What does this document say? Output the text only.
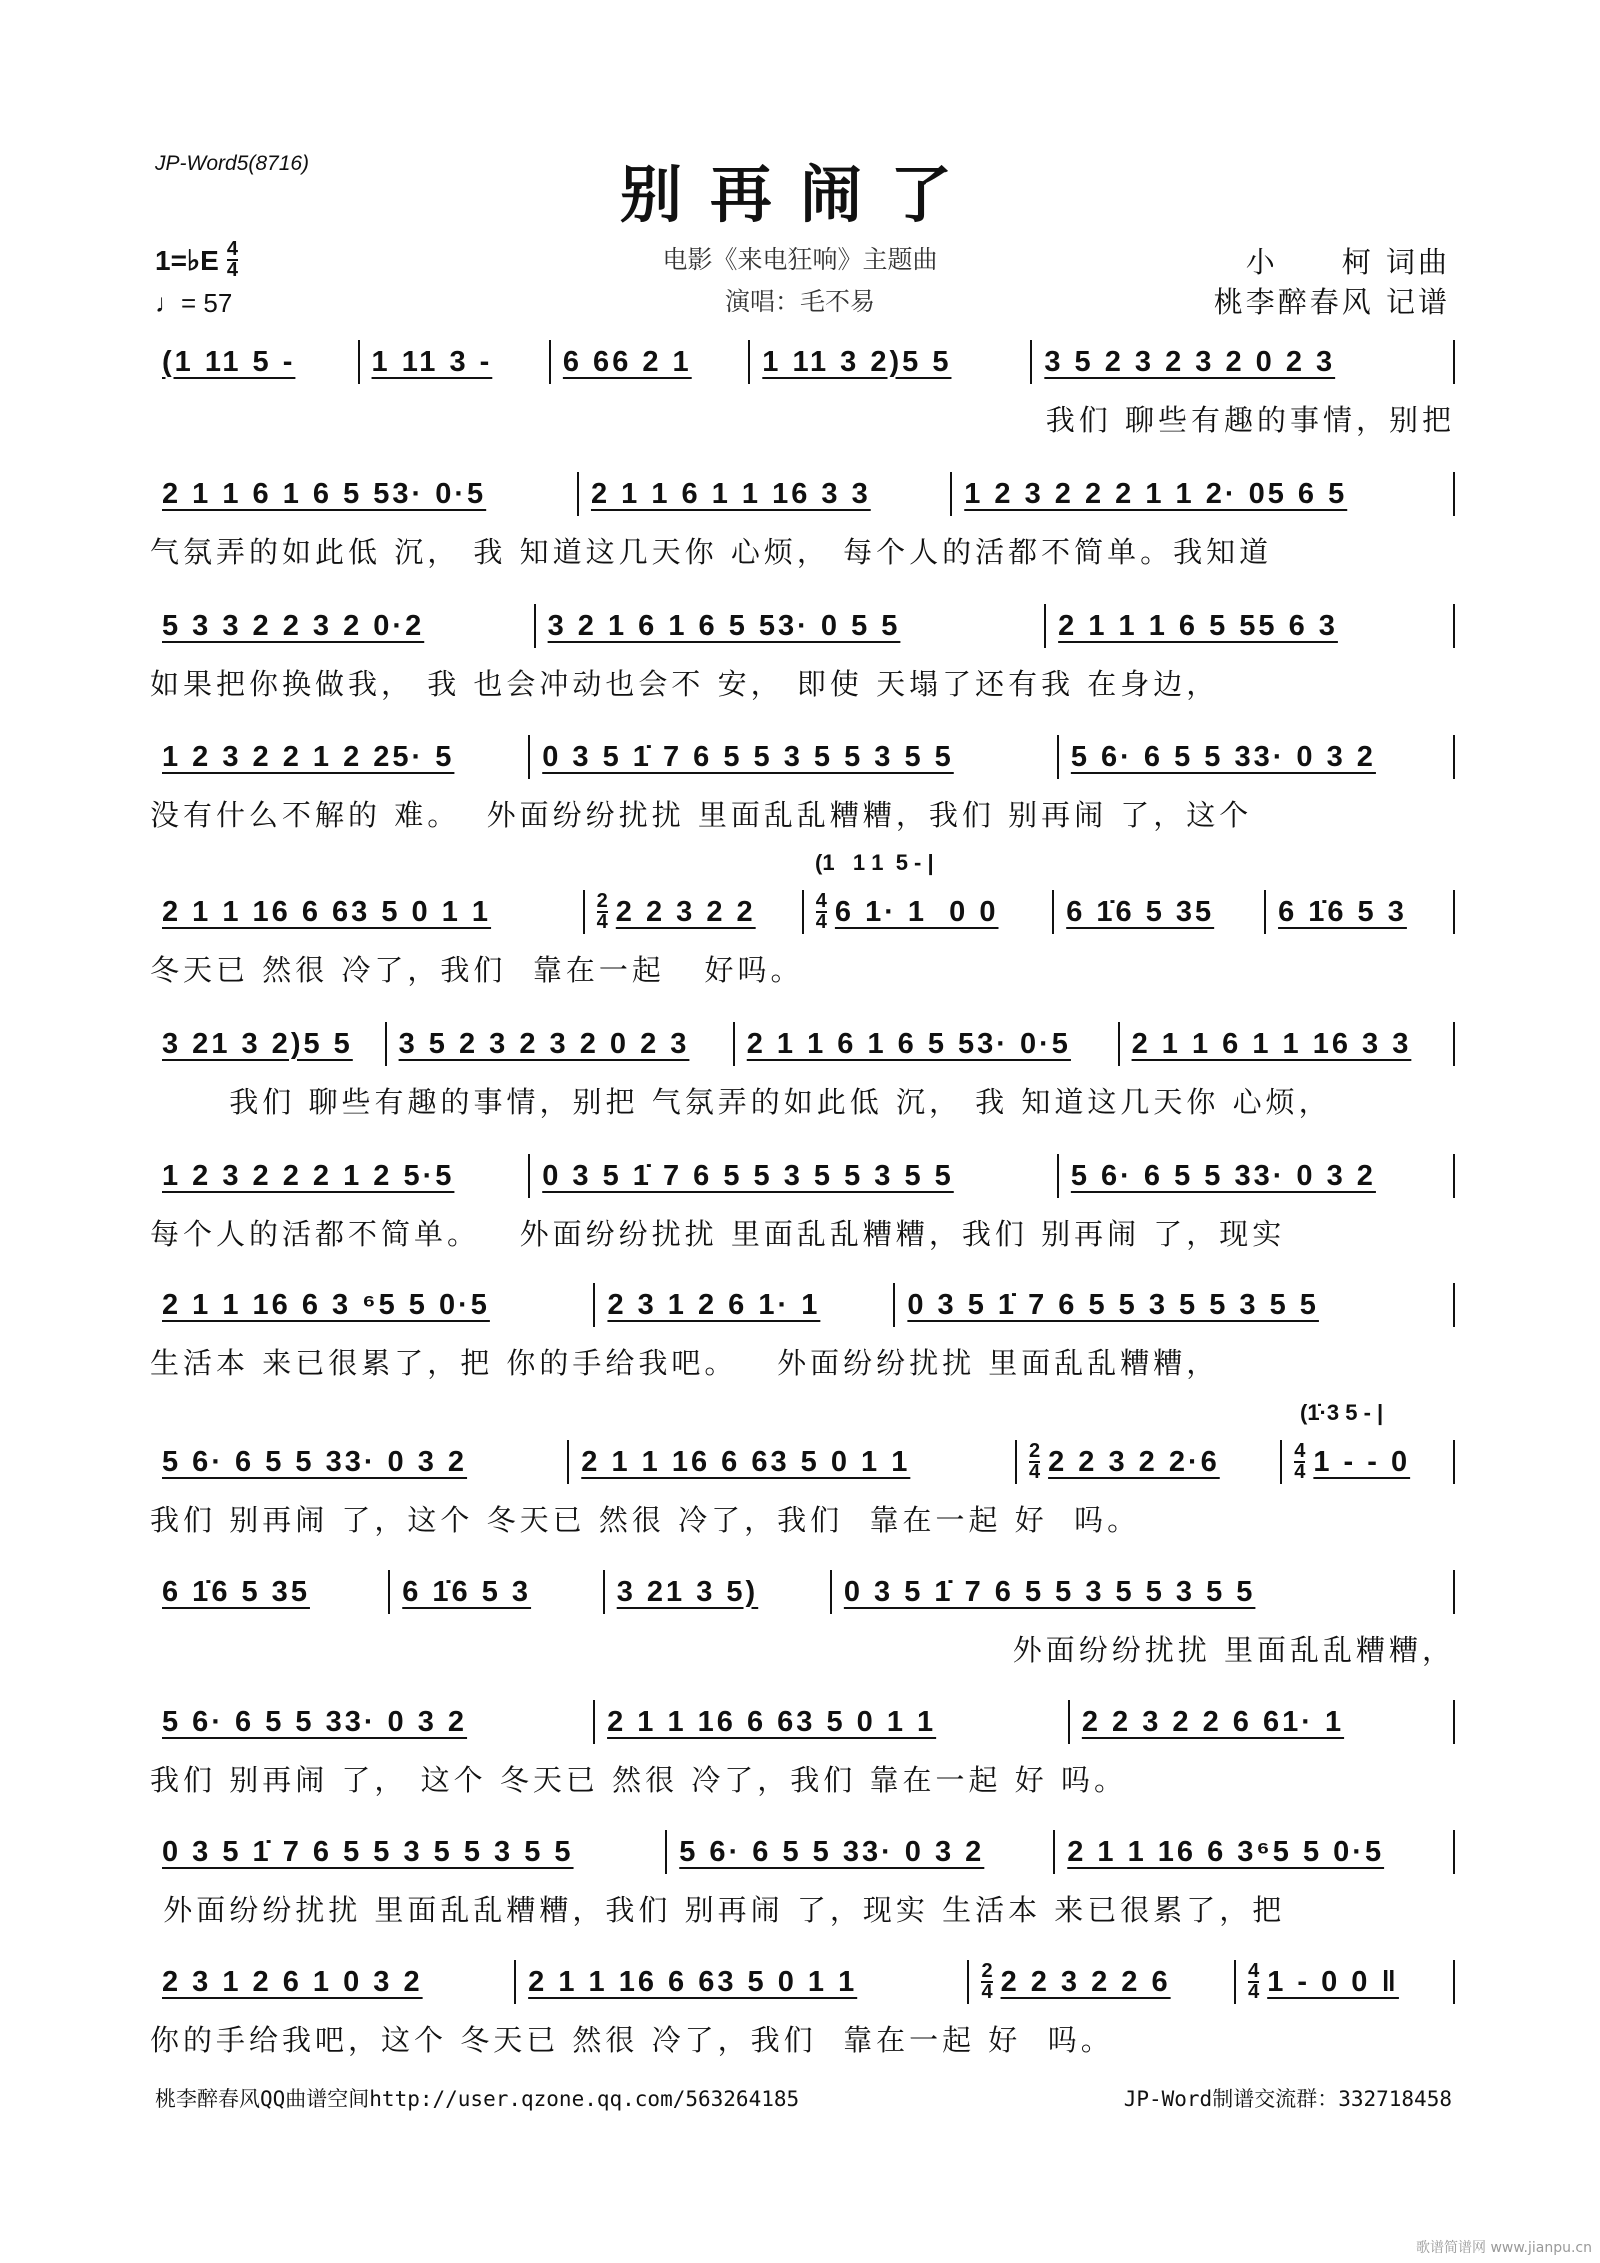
JP-Word5(8716)	别再闹了
1=♭E $\frac{4}{4}$
♩= 57
电影《来电狂响》主题曲
演唱：毛不易
小　　柯 词曲
桃李醉春风 记谱
(1 11 5 -	1 11 3 -	6 66 2 1	1 11 3 2)5 5	3 5 2 3 2 3 2 0 2 3
我们 聊些有趣的事情，别把
2 1 1 6 1 6 5 53· 0·5	2 1 1 6 1 1 16 3 3	1 2 3 2 2 2 1 1 2· 05 6 5
气氛弄的如此低 沉， 我 知道这几天你 心烦， 每个人的活都不简单。我知道
5 3 3 2 2 3 2 0·2	3 2 1 6 1 6 5 53· 0 5 5	2 1 1 1 6 5 55 6 3
如果把你换做我， 我 也会冲动也会不 安， 即使 天塌了还有我 在身边，
1 2 3 2 2 1 2 25· 5	0 3 5 1̇ 7 6 5 5 3 5 5 3 5 5	5 6· 6 5 5 33· 0 3 2
没有什么不解的 难。  外面纷纷扰扰 里面乱乱糟糟，我们 别再闹 了，这个
(1   1 1  5 - |
2 1 1 16 6 63 5 0 1 1	$\frac{2}{4} 2$ 2 3 2 2	$\frac{4}{4} 6$ 1· 1  0 0	6 1̇6 5 35	6 1̇6 5 3
冬天已 然很 冷了，我们  靠在一起   好吗。
3 21 3 2)5 5	3 5 2 3 2 3 2 0 2 3	2 1 1 6 1 6 5 53· 0·5	2 1 1 6 1 1 16 3 3
我们 聊些有趣的事情，别把 气氛弄的如此低 沉， 我 知道这几天你 心烦，
1 2 3 2 2 2 1 2 5·5	0 3 5 1̇ 7 6 5 5 3 5 5 3 5 5	5 6· 6 5 5 33· 0 3 2
每个人的活都不简单。   外面纷纷扰扰 里面乱乱糟糟，我们 别再闹 了，现实
2 1 1 16 6 3 ⁶5 5 0·5	2 3 1 2 6 1· 1	0 3 5 1̇ 7 6 5 5 3 5 5 3 5 5
生活本 来已很累了，把 你的手给我吧。   外面纷纷扰扰 里面乱乱糟糟，
(1̇·3 5 - |
5 6· 6 5 5 33· 0 3 2	2 1 1 16 6 63 5 0 1 1	$\frac{2}{4} 2$ 2 3 2 2·6	$\frac{4}{4} 1$ - - 0
我们 别再闹 了，这个 冬天已 然很 冷了，我们  靠在一起 好  吗。
6 1̇6 5 35	6 1̇6 5 3	3 21 3 5)	0 3 5 1̇ 7 6 5 5 3 5 5 3 5 5
外面纷纷扰扰 里面乱乱糟糟，
5 6· 6 5 5 33· 0 3 2	2 1 1 16 6 63 5 0 1 1	2 2 3 2 2 6 61· 1
我们 别再闹 了， 这个 冬天已 然很 冷了，我们 靠在一起 好 吗。
0 3 5 1̇ 7 6 5 5 3 5 5 3 5 5	5 6· 6 5 5 33· 0 3 2	2 1 1 16 6 3⁶5 5 0·5
外面纷纷扰扰 里面乱乱糟糟，我们 别再闹 了，现实 生活本 来已很累了，把
2 3 1 2 6 1 0 3 2	2 1 1 16 6 63 5 0 1 1	$\frac{2}{4} 2$ 2 3 2 2 6	$\frac{4}{4} 1 - 0$ 0 ‖
你的手给我吧，这个 冬天已 然很 冷了，我们  靠在一起 好  吗。
桃李醉春风QQ曲谱空间http://user.qzone.qq.com/563264185	JP-Word制谱交流群：332718458
歌谱简谱网 www.jianpu.cn
